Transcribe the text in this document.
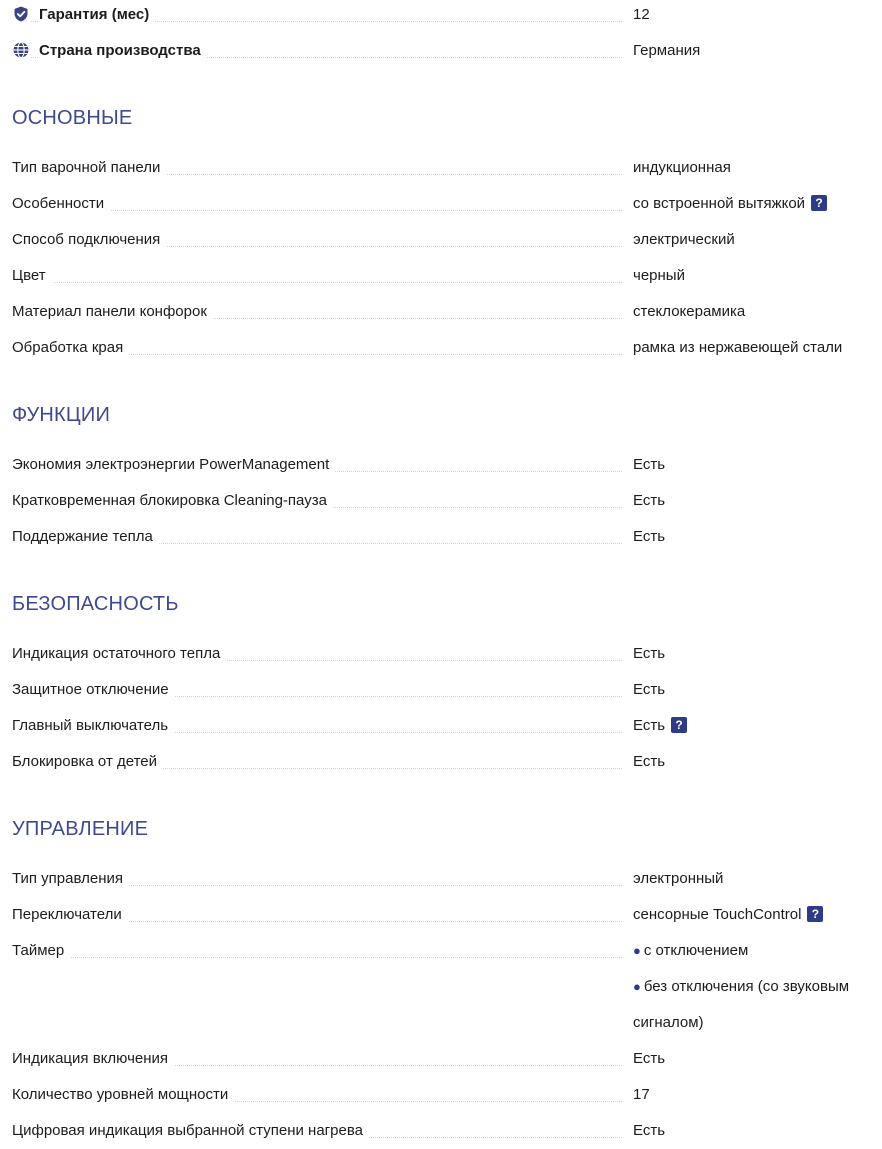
Гарантия (мес)	12
Страна производства	Германия
ОСНОВНЫЕ
Тип варочной панели	индукционная
Особенности	со встроенной вытяжкой ?
Способ подключения	электрический
Цвет	черный
Материал панели конфорок	стеклокерамика
Обработка края	рамка из нержавеющей стали
ФУНКЦИИ
Экономия электроэнергии PowerManagement	Есть
Кратковременная блокировка Cleaning-пауза	Есть
Поддержание тепла	Есть
БЕЗОПАСНОСТЬ
Индикация остаточного тепла	Есть
Защитное отключение	Есть
Главный выключатель	Есть ?
Блокировка от детей	Есть
УПРАВЛЕНИЕ
Тип управления	электронный
Переключатели	сенсорные TouchControl ?
Таймер	● с отключением
● без отключения (со звуковым сигналом)
Индикация включения	Есть
Количество уровней мощности	17
Цифровая индикация выбранной ступени нагрева	Есть
